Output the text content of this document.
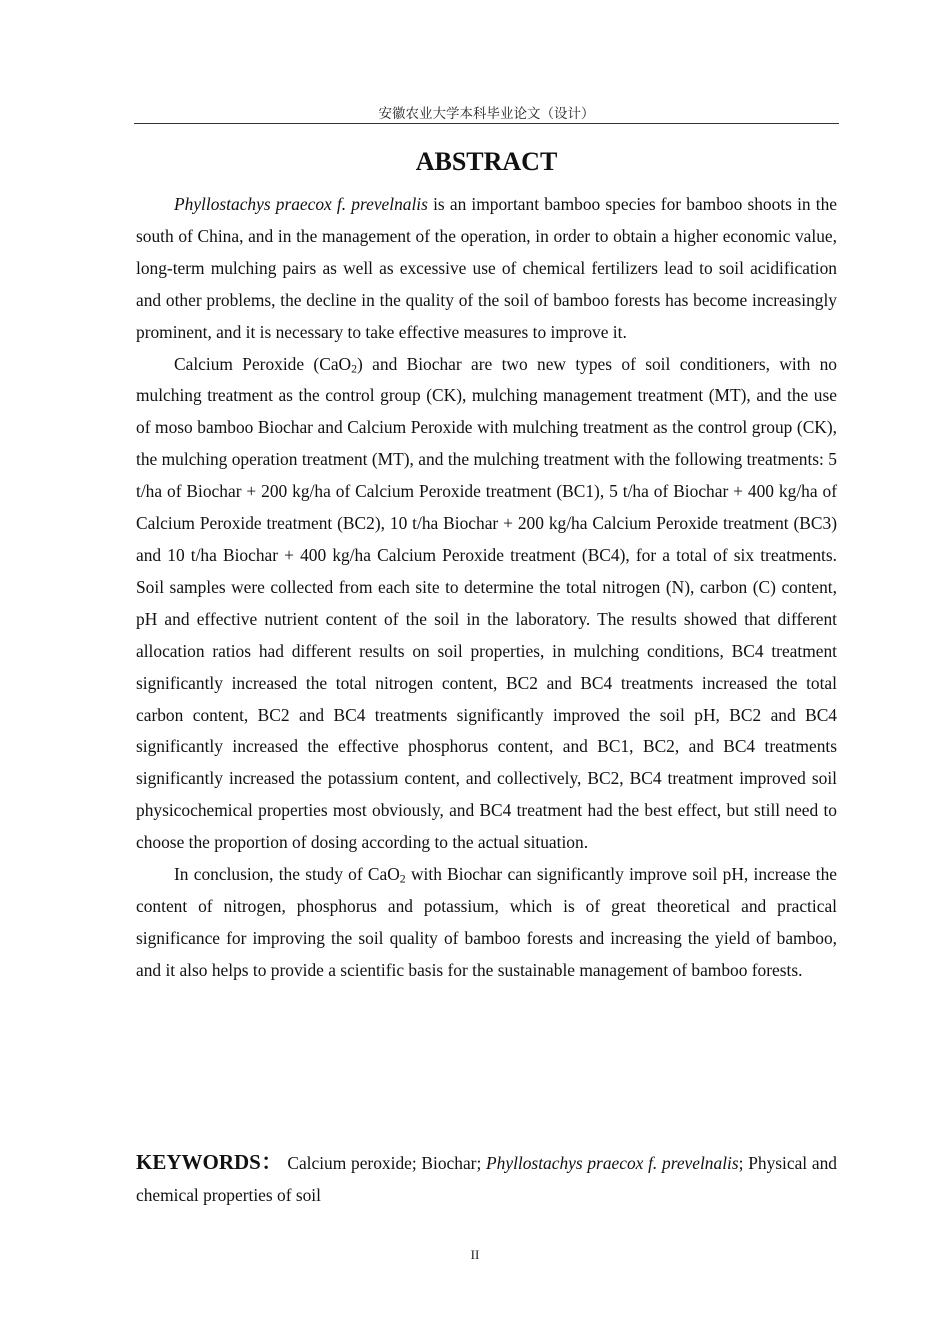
安徽农业大学本科毕业论文（设计）
ABSTRACT

Phyllostachys praecox f. prevelnalis is an important bamboo species for bamboo shoots in the south of China, and in the management of the operation, in order to obtain a higher economic value, long-term mulching pairs as well as excessive use of chemical fertilizers lead to soil acidification and other problems, the decline in the quality of the soil of bamboo forests has become increasingly prominent, and it is necessary to take effective measures to improve it.

Calcium Peroxide (CaO$_2$) and Biochar are two new types of soil conditioners, with no mulching treatment as the control group (CK), mulching management treatment (MT), and the use of moso bamboo Biochar and Calcium Peroxide with mulching treatment as the control group (CK), the mulching operation treatment (MT), and the mulching treatment with the following treatments: 5 t/ha of Biochar + 200 kg/ha of Calcium Peroxide treatment (BC1), 5 t/ha of Biochar + 400 kg/ha of Calcium Peroxide treatment (BC2), 10 t/ha Biochar + 200 kg/ha Calcium Peroxide treatment (BC3) and 10 t/ha Biochar + 400 kg/ha Calcium Peroxide treatment (BC4), for a total of six treatments. Soil samples were collected from each site to determine the total nitrogen (N), carbon (C) content, pH and effective nutrient content of the soil in the laboratory. The results showed that different allocation ratios had different results on soil properties, in mulching conditions, BC4 treatment significantly increased the total nitrogen content, BC2 and BC4 treatments increased the total carbon content, BC2 and BC4 treatments significantly improved the soil pH, BC2 and BC4 significantly increased the effective phosphorus content, and BC1, BC2, and BC4 treatments significantly increased the potassium content, and collectively, BC2, BC4 treatment improved soil physicochemical properties most obviously, and BC4 treatment had the best effect, but still need to choose the proportion of dosing according to the actual situation.

In conclusion, the study of CaO$_2$ with Biochar can significantly improve soil pH, increase the content of nitrogen, phosphorus and potassium, which is of great theoretical and practical significance for improving the soil quality of bamboo forests and increasing the yield of bamboo, and it also helps to provide a scientific basis for the sustainable management of bamboo forests.

KEYWORDS： Calcium peroxide; Biochar; Phyllostachys praecox f. prevelnalis; Physical and chemical properties of soil
II
